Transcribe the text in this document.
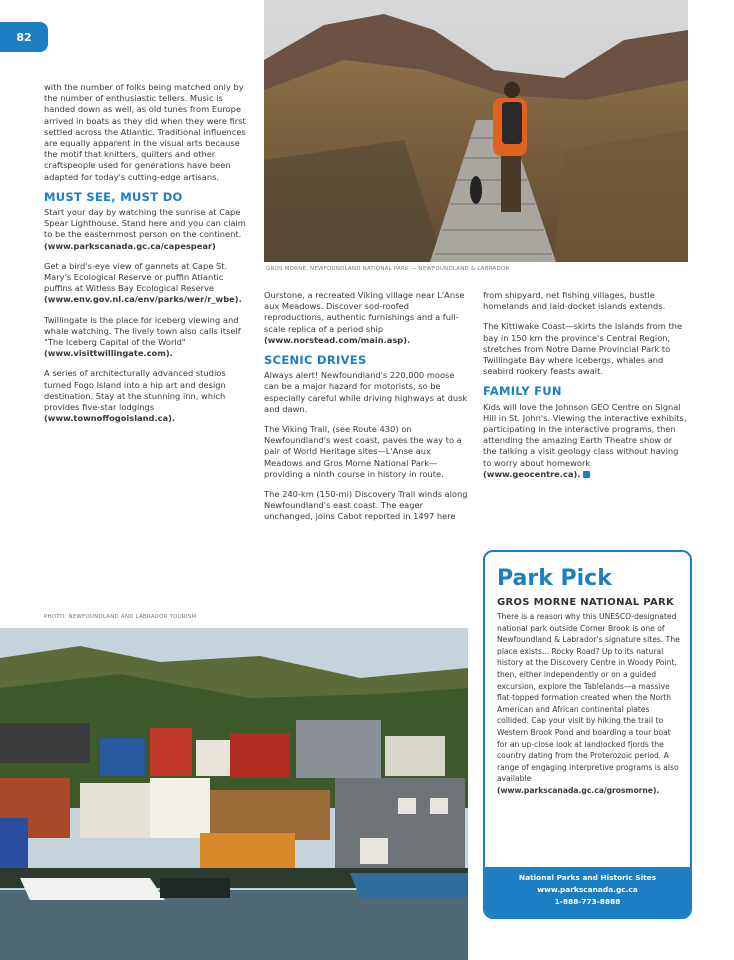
82
GROS MORNE, NEWFOUNDLAND NATIONAL PARK — NEWFOUNDLAND & LABRADOR

with the number of folks being matched only by the number of enthusiastic tellers. Music is handed down as well, as old tunes from Europe arrived in boats as they did when they were first settled across the Atlantic. Traditional influences are equally apparent in the visual arts because the motif that knitters, quilters and other craftspeople used for generations have been adapted for today's cutting-edge artisans.

MUST SEE, MUST DO

Start your day by watching the sunrise at Cape Spear Lighthouse. Stand here and you can claim to be the easternmost person on the continent. (www.parkscanada.gc.ca/capespear)

Get a bird's-eye view of gannets at Cape St. Mary's Ecological Reserve or puffin Atlantic puffins at Witless Bay Ecological Reserve (www.env.gov.nl.ca/env/parks/wer/r_wbe).

Twillingate is the place for iceberg viewing and whale watching. The lively town also calls itself "The Iceberg Capital of the World" (www.visittwillingate.com).

A series of architecturally advanced studios turned Fogo Island into a hip art and design destination. Stay at the stunning inn, which provides five-star lodgings (www.townoffogoisland.ca).

Ourstone, a recreated Viking village near L'Anse aux Meadows. Discover sod-roofed reproductions, authentic furnishings and a full-scale replica of a period ship (www.norstead.com/main.asp).

SCENIC DRIVES

Always alert! Newfoundland's 220,000 moose can be a major hazard for motorists, so be especially careful while driving highways at dusk and dawn.

The Viking Trail, (see Route 430) on Newfoundland's west coast, paves the way to a pair of World Heritage sites—L'Anse aux Meadows and Gros Morne National Park—providing a ninth course in history in route.

The 240-km (150-mi) Discovery Trail winds along Newfoundland's east coast. The eager unchanged, joins Cabot reported in 1497 here

from shipyard, net fishing villages, bustle homelands and laid-docket islands extends.

The Kittiwake Coast—skirts the Islands from the bay in 150 km the province's Central Region, stretches from Notre Dame Provincial Park to Twillingate Bay where icebergs, whales and seabird rookery feasts await.

FAMILY FUN

Kids will love the Johnson GEO Centre on Signal Hill in St. John's. Viewing the interactive exhibits, participating in the interactive programs, then attending the amazing Earth Theatre show or the talking a visit geology class without having to worry about homework (www.geocentre.ca).

PHOTO: NEWFOUNDLAND AND LABRADOR TOURISM
Park Pick
GROS MORNE NATIONAL PARK
There is a reason why this UNESCO-designated national park outside Corner Brook is one of Newfoundland & Labrador's signature sites. The place exists... Rocky Road? Up to its natural history at the Discovery Centre in Woody Point, then, either independently or on a guided excursion, explore the Tablelands—a massive flat-topped formation created when the North American and African continental plates collided. Cap your visit by hiking the trail to Western Brook Pond and boarding a tour boat for an up-close look at landlocked fjords the country dating from the Proterozoic period. A range of engaging interpretive programs is also available (www.parkscanada.gc.ca/grosmorne).
National Parks and Historic Sites
www.parkscanada.gc.ca
1-888-773-8888
